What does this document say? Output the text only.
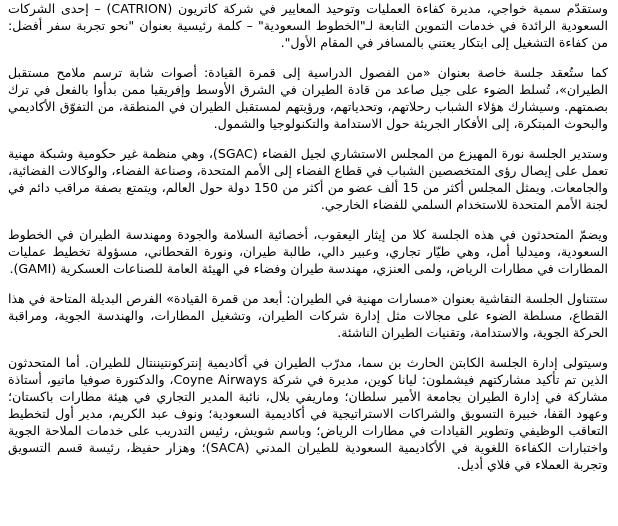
وستقدّم سمية خواجي، مديرة كفاءة العمليات وتوحيد المعايير في شركة كاتريون (CATRION) – إحدى الشركات السعودية الرائدة في خدمات التموين التابعة لـ"الخطوط السعودية" – كلمة رئيسية بعنوان "نحو تجربة سفر أفضل: من كفاءة التشغيل إلى ابتكار يعتني بالمسافر في المقام الأول".

كما ستُعقد جلسة خاصة بعنوان «من الفصول الدراسية إلى قمرة القيادة: أصوات شابة ترسم ملامح مستقبل الطيران»، تُسلط الضوء على جيل صاعد من قادة الطيران في الشرق الأوسط وإفريقيا ممن بدأوا بالفعل في ترك بصمتهم. وسيشارك هؤلاء الشباب رحلاتهم، وتحدياتهم، ورؤيتهم لمستقبل الطيران في المنطقة، من التفوّق الأكاديمي والبحوث المبتكرة، إلى الأفكار الجريئة حول الاستدامة والتكنولوجيا والشمول.

وستدير الجلسة نورة المهيزع من المجلس الاستشاري لجيل الفضاء (SGAC)، وهي منظمة غير حكومية وشبكة مهنية تعمل على إيصال رؤى المتخصصين الشباب في قطاع الفضاء إلى الأمم المتحدة، وصناعة الفضاء، والوكالات الفضائية، والجامعات. ويمثل المجلس أكثر من 15 ألف عضو من أكثر من 150 دولة حول العالم، ويتمتع بصفة مراقب دائم في لجنة الأمم المتحدة للاستخدام السلمي للفضاء الخارجي.

ويضمّ المتحدثون في هذه الجلسة كلا من إيثار اليعقوب، أخصائية السلامة والجودة ومهندسة الطيران في الخطوط السعودية، وميدليا أمل، وهي طيّار تجاري، وعبير دالي، طالبة طيران، ونورة القحطاني، مسؤولة تخطيط عمليات المطارات في مطارات الرياض، ولمى العنزي، مهندسة طيران وفضاء في الهيئة العامة للصناعات العسكرية (GAMI).

ستتناول الجلسة النقاشية بعنوان «مسارات مهنية في الطيران: أبعد من قمرة القيادة» الفرص البديلة المتاحة في هذا القطاع، مسلطة الضوء على مجالات مثل إدارة شركات الطيران، وتشغيل المطارات، والهندسة الجوية، ومراقبة الحركة الجوية، والاستدامة، وتقنيات الطيران الناشئة.

وسيتولى إدارة الجلسة الكابتن الحارث بن سما، مدرّب الطيران في أكاديمية إنتركونتيننتال للطيران. أما المتحدثون الذين تم تأكيد مشاركتهم فيشملون: ليانا كوين، مديرة في شركة Coyne Airways، والدكتورة صوفيا ماتيو، أستاذة مشاركة في إدارة الطيران بجامعة الأمير سلطان؛ وماريفي بلال، نائبة المدير التجاري في هيئة مطارات باكستان؛ وعهود القفا، خبيرة التسويق والشراكات الاستراتيجية في أكاديمية السعودية؛ ونوف عبد الكريم، مدير أول لتخطيط التعاقب الوظيفي وتطوير القيادات في مطارات الرياض؛ وباسم شويش، رئيس التدريب على خدمات الملاحة الجوية واختبارات الكفاءة اللغوية في الأكاديمية السعودية للطيران المدني (SACA)؛ وهزار حفيظ، رئيسة قسم التسويق وتجربة العملاء في فلاي أديل.
